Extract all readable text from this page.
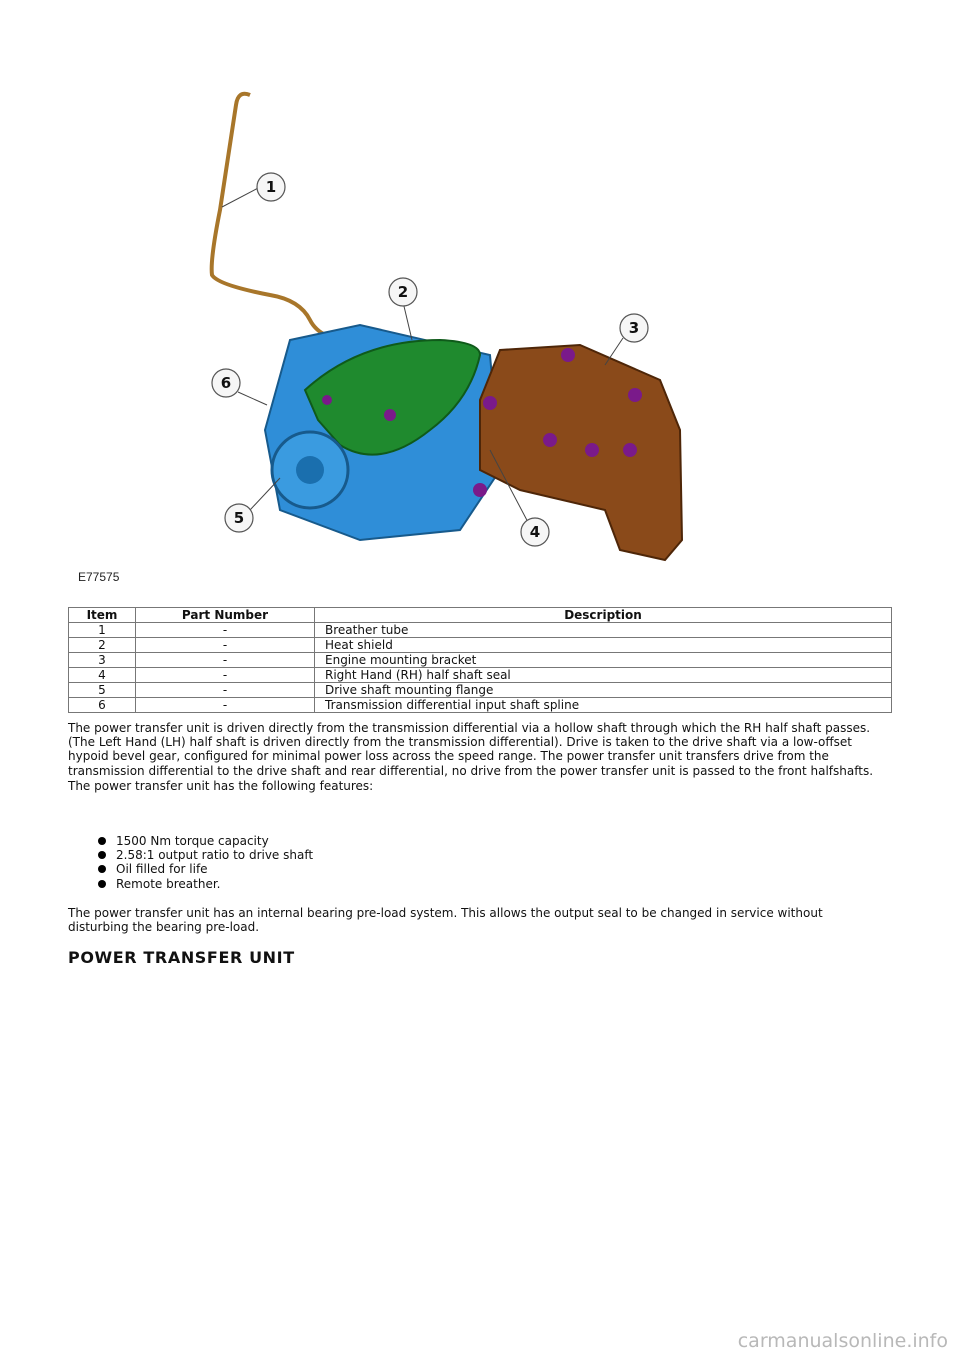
1
2
3
4
5
6
E77575
Item	Part Number	Description
1	-	Breather tube
2	-	Heat shield
3	-	Engine mounting bracket
4	-	Right Hand (RH) half shaft seal
5	-	Drive shaft mounting flange
6	-	Transmission differential input shaft spline
The power transfer unit is driven directly from the transmission differential via a hollow shaft through which the RH half shaft passes. (The Left Hand (LH) half shaft is driven directly from the transmission differential). Drive is taken to the drive shaft via a low-offset hypoid bevel gear, configured for minimal power loss across the speed range. The power transfer unit transfers drive from the transmission differential to the drive shaft and rear differential, no drive from the power transfer unit is passed to the front halfshafts.
The power transfer unit has the following features:
1500 Nm torque capacity
2.58:1 output ratio to drive shaft
Oil filled for life
Remote breather.
The power transfer unit has an internal bearing pre-load system. This allows the output seal to be changed in service without disturbing the bearing pre-load.
POWER TRANSFER UNIT
carmanualsonline.info
